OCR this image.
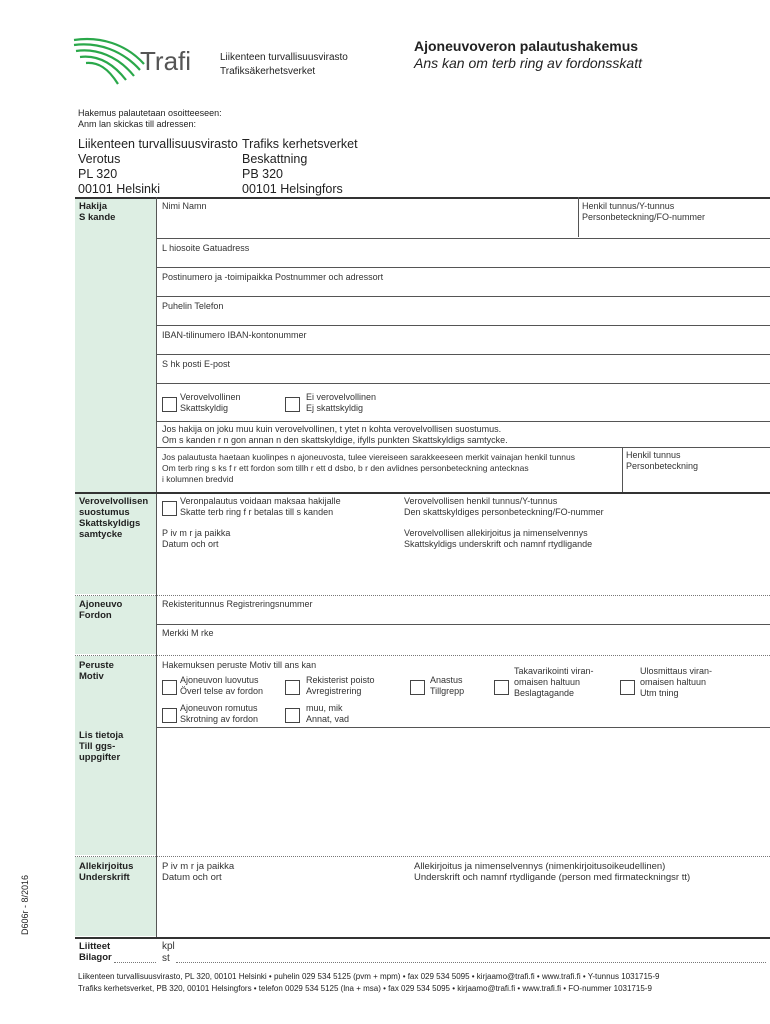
Trafi	Liikenteen turvallisuusvirasto
Trafiksäkerhetsverket
Ajoneuvoveron palautushakemus
Ans kan om terb ring av fordonsskatt
Hakemus palautetaan osoitteeseen:
Anm lan skickas till adressen:
Liikenteen turvallisuusvirasto
Verotus
PL 320
00101 Helsinki
Trafiks kerhetsverket
Beskattning
PB 320
00101 Helsingfors
Hakija
S kande
Nimi Namn	Henkil tunnus/Y-tunnus
Personbeteckning/FO-nummer
L hiosoite Gatuadress
Postinumero ja -toimipaikka Postnummer och adressort
Puhelin Telefon
IBAN-tilinumero IBAN-kontonummer
S hk posti E-post
Verovelvollinen
Skattskyldig
Ei verovelvollinen
Ej skattskyldig
Jos hakija on joku muu kuin verovelvollinen, t ytet n kohta verovelvollisen suostumus.
Om s kanden r n gon annan n den skattskyldige, ifylls punkten Skattskyldigs samtycke.
Jos palautusta haetaan kuolinpes n ajoneuvosta, tulee viereiseen sarakkeeseen merkit vainajan henkil tunnus
Om terb ring s ks f r ett fordon som tillh r ett d dsbo, b r den avlidnes personbeteckning antecknas
i kolumnen bredvid
Henkil tunnus
Personbeteckning
Verovelvollisen
suostumus
Skattskyldigs
samtycke
Veronpalautus voidaan maksaa hakijalle
Skatte terb ring f r betalas till s kanden
P iv m r ja paikka
Datum och ort
Verovelvollisen henkil tunnus/Y-tunnus
Den skattskyldiges personbeteckning/FO-nummer
Verovelvollisen allekirjoitus ja nimenselvennys
Skattskyldigs underskrift och namnf rtydligande
Ajoneuvo
Fordon
Rekisteritunnus Registreringsnummer
Merkki M rke
Peruste
Motiv
Hakemuksen peruste Motiv till ans kan
Ajoneuvon luovutus
Överl telse av fordon
Rekisterist poisto
Avregistrering
Anastus
Tillgrepp
Takavarikointi viran-
omaisen haltuun
Beslagtagande
Ulosmittaus viran-
omaisen haltuun
Utm tning
Ajoneuvon romutus
Skrotning av fordon
muu, mik
Annat, vad
Lis tietoja
Till ggs-
uppgifter
Allekirjoitus
Underskrift
P iv m r ja paikka
Datum och ort
Allekirjoitus ja nimenselvennys (nimenkirjoitusoikeudellinen)
Underskrift och namnf rtydligande (person med firmateckningsr tt)
Liitteet
Bilagor
kpl
st
D606r - 8/2016
Liikenteen turvallisuusvirasto, PL 320, 00101 Helsinki • puhelin 029 534 5125 (pvm + mpm) • fax 029 534 5095 • kirjaamo@trafi.fi • www.trafi.fi • Y-tunnus 1031715-9
Trafiks kerhetsverket, PB 320, 00101 Helsingfors • telefon 0029 534 5125 (lna + msa) • fax 029 534 5095 • kirjaamo@trafi.fi • www.trafi.fi • FO-nummer 1031715-9
